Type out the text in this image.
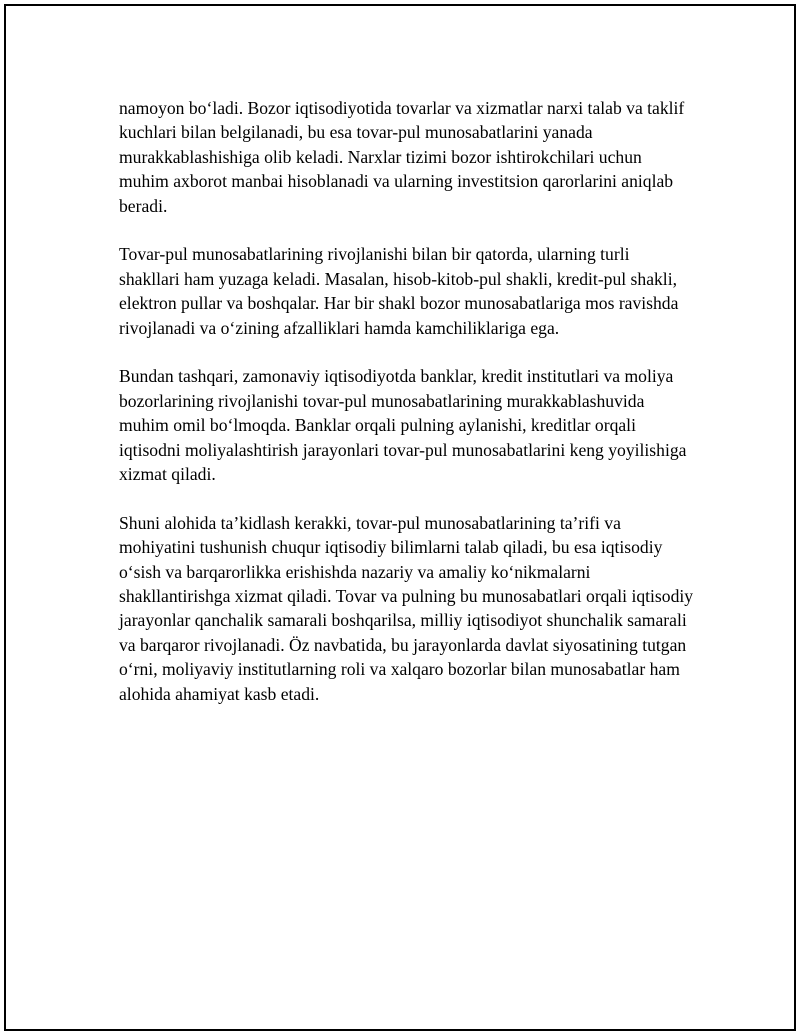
namoyon boʻladi. Bozor iqtisodiyotida tovarlar va xizmatlar narxi talab va taklif kuchlari bilan belgilanadi, bu esa tovar-pul munosabatlarini yanada murakkablashishiga olib keladi. Narxlar tizimi bozor ishtirokchilari uchun muhim axborot manbai hisoblanadi va ularning investitsion qarorlarini aniqlab beradi.

Tovar-pul munosabatlarining rivojlanishi bilan bir qatorda, ularning turli shakllari ham yuzaga keladi. Masalan, hisob-kitob-pul shakli, kredit-pul shakli, elektron pullar va boshqalar. Har bir shakl bozor munosabatlariga mos ravishda rivojlanadi va oʻzining afzalliklari hamda kamchiliklariga ega.

Bundan tashqari, zamonaviy iqtisodiyotda banklar, kredit institutlari va moliya bozorlarining rivojlanishi tovar-pul munosabatlarining murakkablashuvida muhim omil boʻlmoqda. Banklar orqali pulning aylanishi, kreditlar orqali iqtisodni moliyalashtirish jarayonlari tovar-pul munosabatlarini keng yoyilishiga xizmat qiladi.

Shuni alohida taʼkidlash kerakki, tovar-pul munosabatlarining taʼrifi va mohiyatini tushunish chuqur iqtisodiy bilimlarni talab qiladi, bu esa iqtisodiy oʻsish va barqarorlikka erishishda nazariy va amaliy koʻnikmalarni shakllantirishga xizmat qiladi. Tovar va pulning bu munosabatlari orqali iqtisodiy jarayonlar qanchalik samarali boshqarilsa, milliy iqtisodiyot shunchalik samarali va barqaror rivojlanadi. Öz navbatida, bu jarayonlarda davlat siyosatining tutgan oʻrni, moliyaviy institutlarning roli va xalqaro bozorlar bilan munosabatlar ham alohida ahamiyat kasb etadi.
